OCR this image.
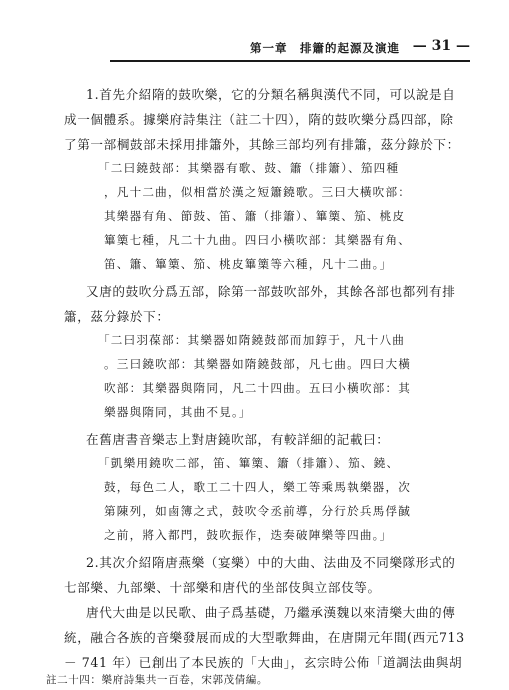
第一章　排簫的起源及演進 — 31 —
1.首先介紹隋的鼓吹樂，它的分類名稱與漢代不同，可以說是自
成一個體系。據樂府詩集注（註二十四），隋的鼓吹樂分爲四部，除
了第一部棡鼓部未採用排簫外，其餘三部均列有排簫，茲分錄於下：
「二曰鐃鼓部：其樂器有歌、鼓、簫（排簫）、笳四種
，凡十二曲，似相當於漢之短簫鐃歌。三曰大橫吹部：
其樂器有角、節鼓、笛、簫（排簫）、篳篥、笳、桃皮
篳篥七種，凡二十九曲。四曰小橫吹部：其樂器有角、
笛、簫、篳篥、笳、桃皮篳篥等六種，凡十二曲。」
又唐的鼓吹分爲五部，除第一部鼓吹部外，其餘各部也都列有排
簫，茲分錄於下：
「二曰羽葆部：其樂器如隋鐃鼓部而加錞于，凡十八曲
。三曰鐃吹部：其樂器如隋鐃鼓部，凡七曲。四曰大橫
吹部：其樂器與隋同，凡二十四曲。五曰小橫吹部：其
樂器與隋同，其曲不見。」
在舊唐書音樂志上對唐鐃吹部，有較詳細的記載曰：
「凱樂用鐃吹二部，笛、篳篥、簫（排簫）、笳、鐃、
鼓，每色二人，歌工二十四人，樂工等乘馬執樂器，次
第陳列，如鹵簿之式，鼓吹令丞前導，分行於兵馬俘馘
之前，將入都門，鼓吹振作，迭奏破陣樂等四曲。」
2.其次介紹隋唐燕樂（宴樂）中的大曲、法曲及不同樂隊形式的
七部樂、九部樂、十部樂和唐代的坐部伎與立部伎等。
唐代大曲是以民歌、曲子爲基礎，乃繼承漢魏以來清樂大曲的傳
統，融合各族的音樂發展而成的大型歌舞曲，在唐開元年間(西元713
－ 741 年）已創出了本民族的「大曲」，玄宗時公佈「道調法曲與胡
註二十四：樂府詩集共一百卷，宋郭茂倩編。
